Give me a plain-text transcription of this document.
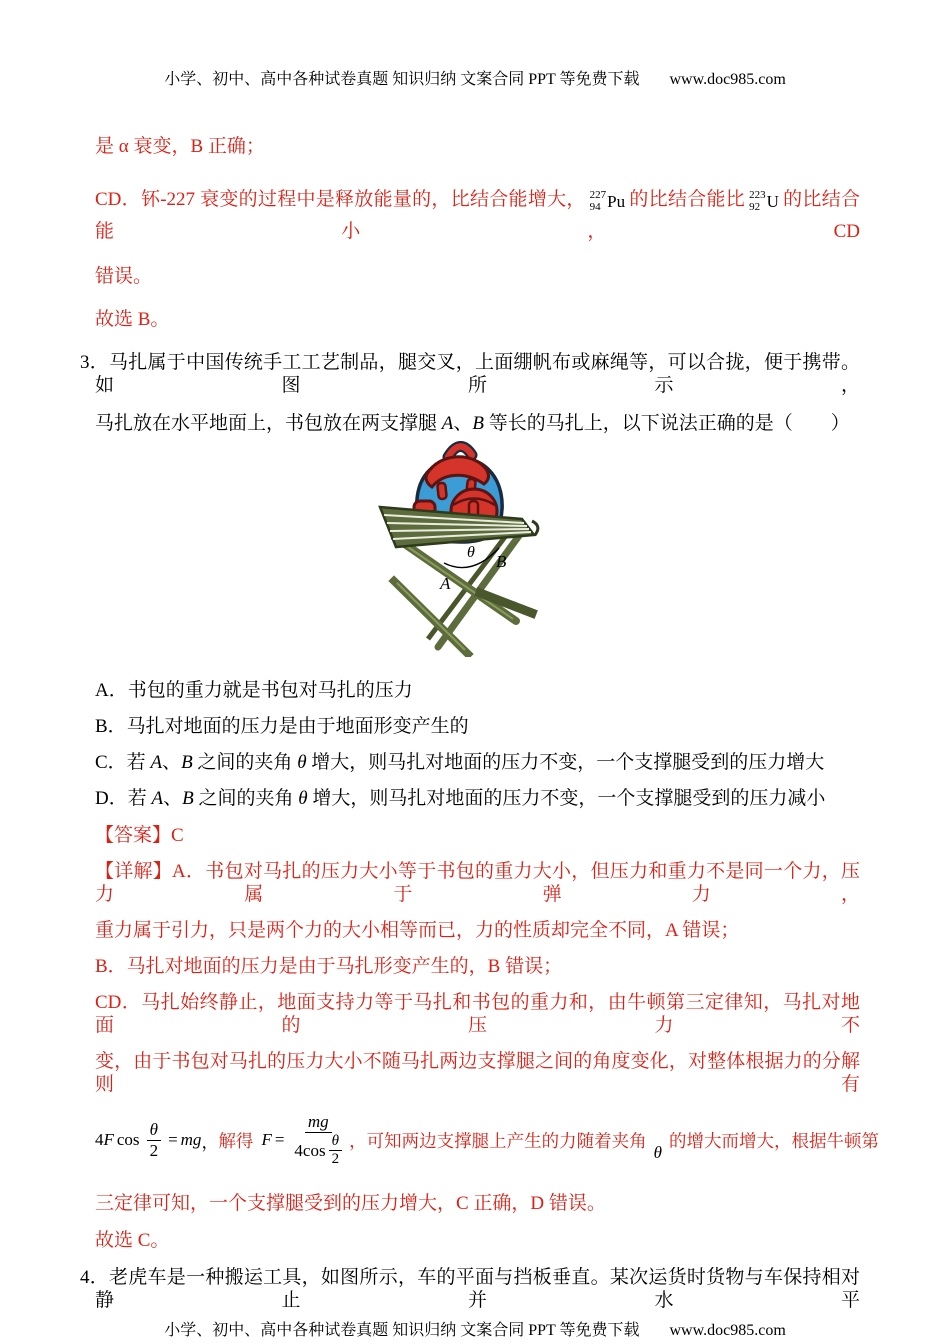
小学、初中、高中各种试卷真题 知识归纳 文案合同 PPT 等免费下载 www.doc985.com

是 α 衰变，B 正确；

CD．钚-227 衰变的过程中是释放能量的，比结合能增大， 227
94 Pu 的比结合能比 223
92 U 的比结合能小，CD

错误。

故选 B。

3．马扎属于中国传统手工工艺制品，腿交叉，上面绷帆布或麻绳等，可以合拢，便于携带。如图所示，

马扎放在水平地面上，书包放在两支撑腿 A、B 等长的马扎上，以下说法正确的是（　　）

θ
A
B

A．书包的重力就是书包对马扎的压力

B．马扎对地面的压力是由于地面形变产生的

C．若 A、B 之间的夹角 θ 增大，则马扎对地面的压力不变，一个支撑腿受到的压力增大

D．若 A、B 之间的夹角 θ 增大，则马扎对地面的压力不变，一个支撑腿受到的压力减小

【答案】C

【详解】A．书包对马扎的压力大小等于书包的重力大小，但压力和重力不是同一个力，压力属于弹力，

重力属于引力，只是两个力的大小相等而已，力的性质却完全不同，A 错误；

B．马扎对地面的压力是由于马扎形变产生的，B 错误；

CD．马扎始终静止，地面支持力等于马扎和书包的重力和，由牛顿第三定律知，马扎对地面的压力不

变，由于书包对马扎的压力大小不随马扎两边支撑腿之间的角度变化，对整体根据力的分解则有

4 F $\cos \frac{\theta}{2}$ = mg ， 解得 $F = \frac{mg}{4\cos \frac{\theta}{2}}$ ，可知两边支撑腿上产生的力随着夹角
θ
的增大而增大，根据牛顿第

三定律可知，一个支撑腿受到的压力增大，C 正确，D 错误。

故选 C。

4．老虎车是一种搬运工具，如图所示，车的平面与挡板垂直。某次运货时货物与车保持相对静止并水平

小学、初中、高中各种试卷真题 知识归纳 文案合同 PPT 等免费下载 www.doc985.com
